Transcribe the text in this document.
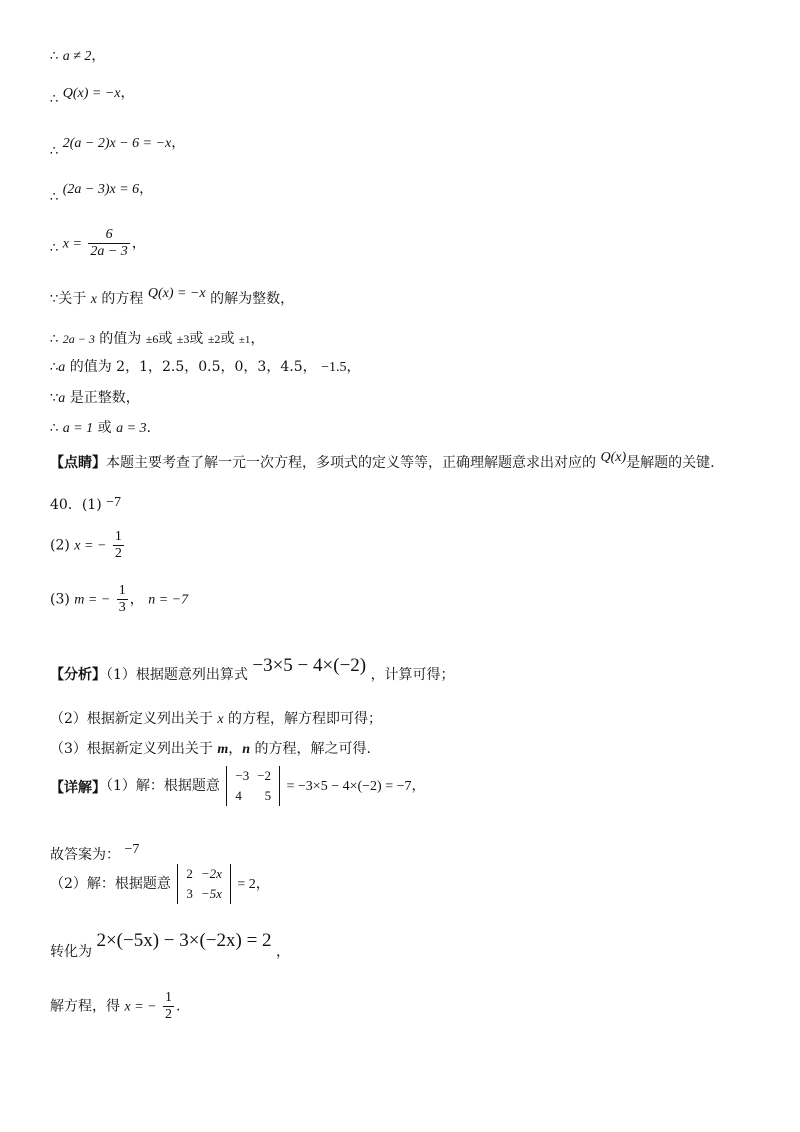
∴ a ≠ 2，
∴ Q(x) = −x，
∴ 2(a − 2)x − 6 = −x，
∴ (2a − 3)x = 6，
∴ $x = \frac{6}{2a - 3}$ ，
∵关于 x 的方程 Q(x) = −x 的解为整数，
∴ 2a − 3 的值为 ±6或 ±3或 ±2或 ±1，
∴a 的值为 2，1，2.5，0.5，0，3，4.5， −1.5，
∵a 是正整数，
∴ a = 1 或 a = 3.
【点睛】本题主要考查了解一元一次方程，多项式的定义等等，正确理解题意求出对应的 Q(x)是解题的关键.
40．(1) −7
(2) x = − $\frac{1}{2}$
(3) m = − $\frac{1}{3}$ ， n = −7
【分析】（1）根据题意列出算式 −3×5 − 4×(−2) ，计算可得；
（2）根据新定义列出关于 x 的方程，解方程即可得；
（3）根据新定义列出关于 m，n 的方程，解之可得.
【详解】（1）解：根据题意
−3	−2
4	5
= −3×5 − 4×(−2) = −7，
故答案为： −7
（2）解：根据题意
2	−2x
3	−5x
= 2，
转化为 2×(−5x) − 3×(−2x) = 2 ，
解方程，得 x = − $\frac{1}{2}$ .
